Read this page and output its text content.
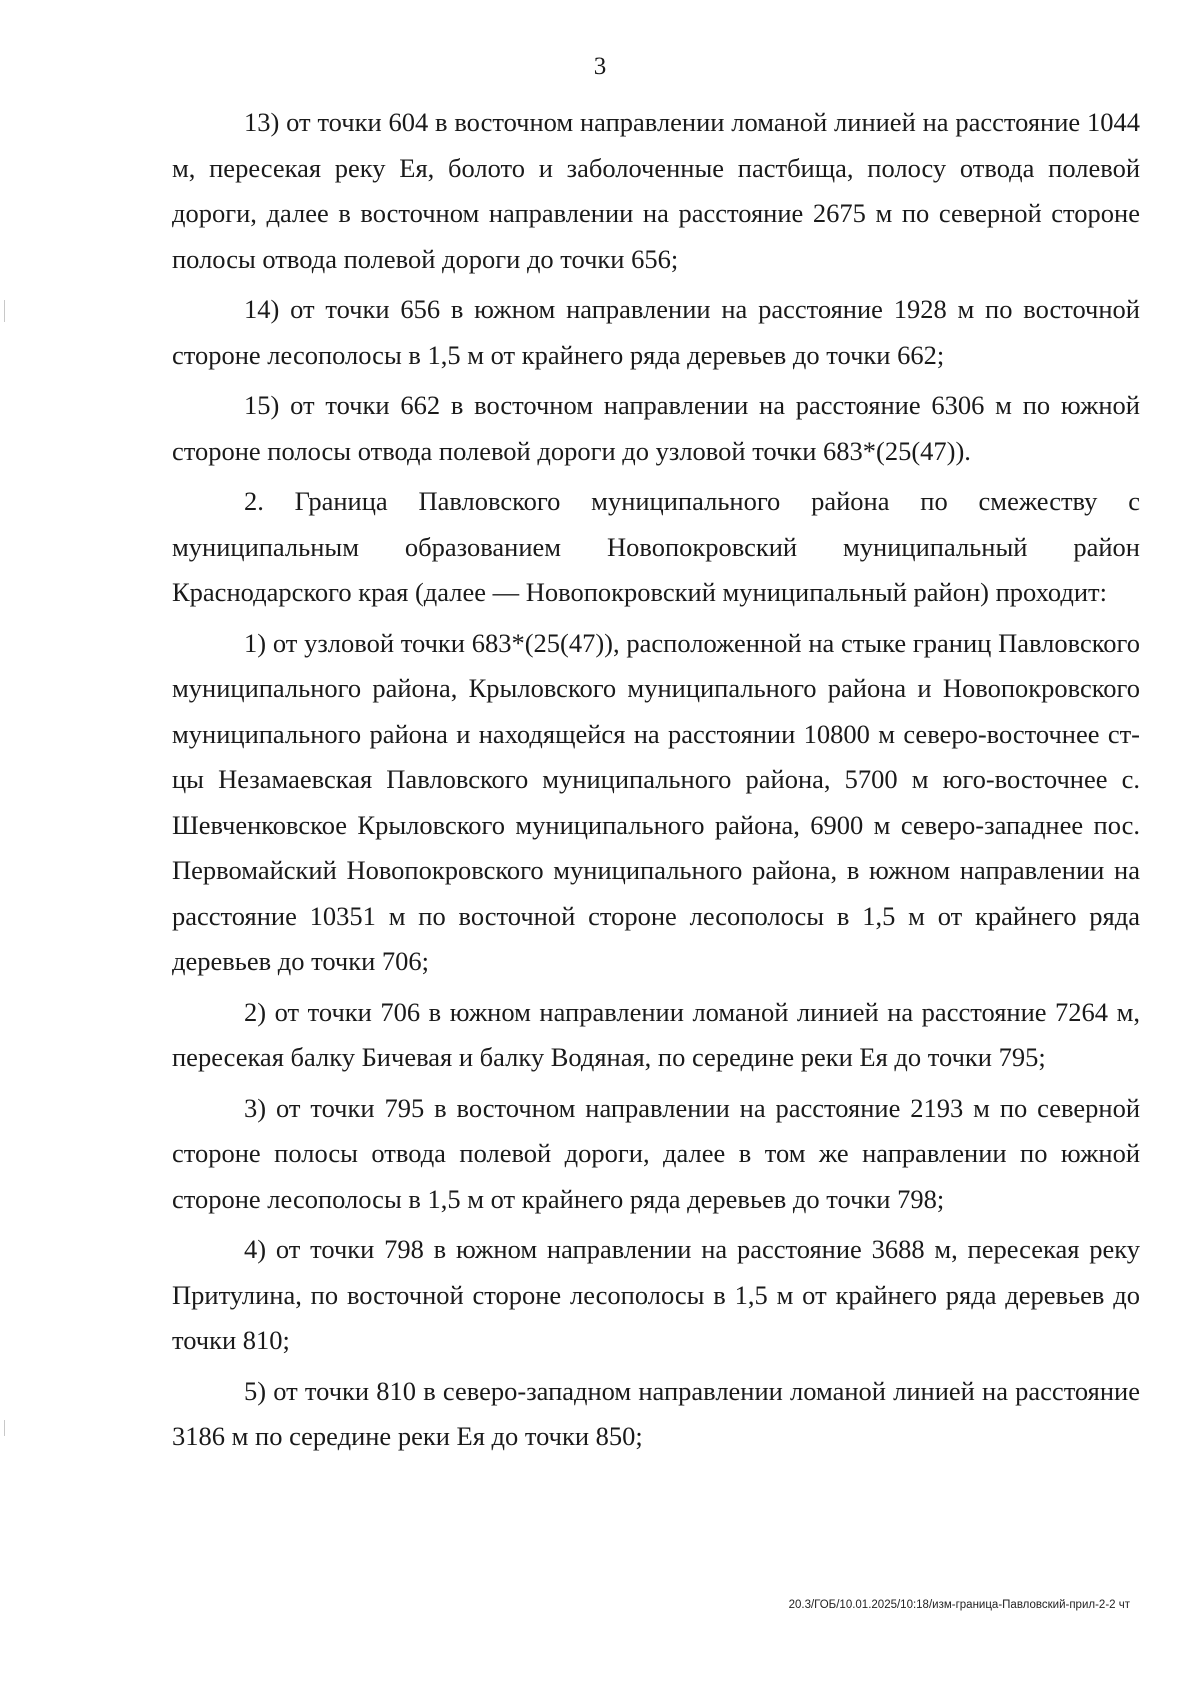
3

13) от точки 604 в восточном направлении ломаной линией на расстояние 1044 м, пересекая реку Ея, болото и заболоченные пастбища, полосу отвода полевой дороги, далее в восточном направлении на расстояние 2675 м по северной стороне полосы отвода полевой дороги до точки 656;

14) от точки 656 в южном направлении на расстояние 1928 м по восточной стороне лесополосы в 1,5 м от крайнего ряда деревьев до точки 662;

15) от точки 662 в восточном направлении на расстояние 6306 м по южной стороне полосы отвода полевой дороги до узловой точки 683*(25(47)).

2. Граница Павловского муниципального района по смежеству с муниципальным образованием Новопокровский муниципальный район Краснодарского края (далее — Новопокровский муниципальный район) проходит:

1) от узловой точки 683*(25(47)), расположенной на стыке границ Павловского муниципального района, Крыловского муниципального района и Новопокровского муниципального района и находящейся на расстоянии 10800 м северо-восточнее ст-цы Незамаевская Павловского муниципального района, 5700 м юго-восточнее с. Шевченковское Крыловского муниципального района, 6900 м северо-западнее пос. Первомайский Новопокровского муниципального района, в южном направлении на расстояние 10351 м по восточной стороне лесополосы в 1,5 м от крайнего ряда деревьев до точки 706;

2) от точки 706 в южном направлении ломаной линией на расстояние 7264 м, пересекая балку Бичевая и балку Водяная, по середине реки Ея до точки 795;

3) от точки 795 в восточном направлении на расстояние 2193 м по северной стороне полосы отвода полевой дороги, далее в том же направлении по южной стороне лесополосы в 1,5 м от крайнего ряда деревьев до точки 798;

4) от точки 798 в южном направлении на расстояние 3688 м, пересекая реку Притулина, по восточной стороне лесополосы в 1,5 м от крайнего ряда деревьев до точки 810;

5) от точки 810 в северо-западном направлении ломаной линией на расстояние 3186 м по середине реки Ея до точки 850;

20.3/ГОБ/10.01.2025/10:18/изм-граница-Павловский-прил-2-2 чт
